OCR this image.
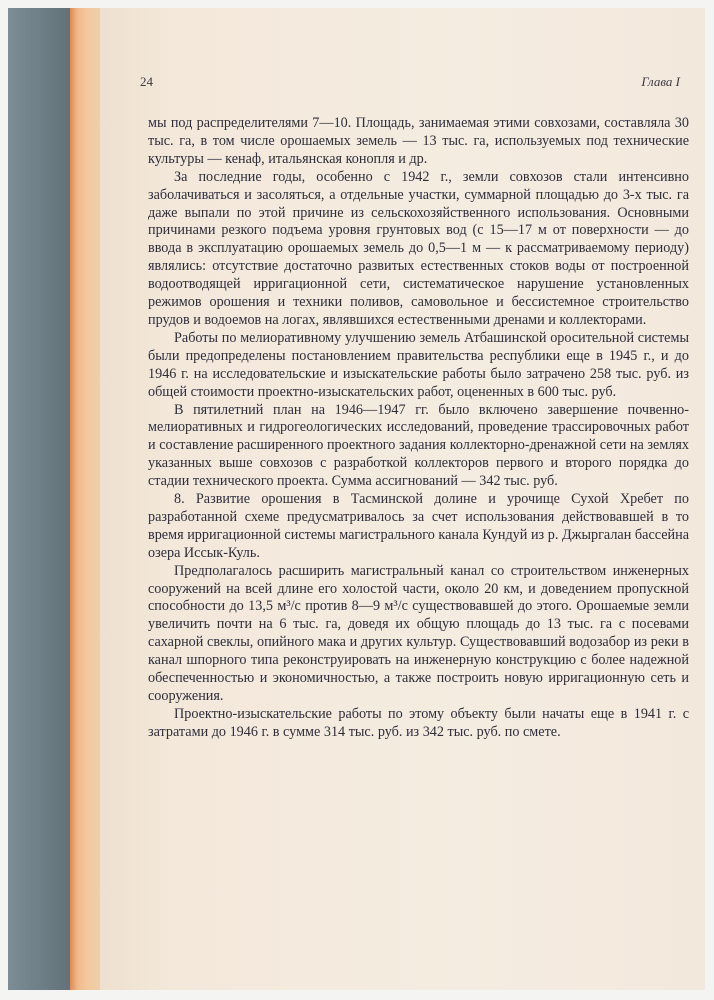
24	Глава I

мы под распределителями 7—10. Площадь, занимаемая этими совхозами, составляла 30 тыс. га, в том числе орошаемых земель — 13 тыс. га, используемых под технические культуры — кенаф, итальянская конопля и др.

За последние годы, особенно с 1942 г., земли совхозов стали интенсивно заболачиваться и засоляться, а отдельные участки, суммарной площадью до 3-х тыс. га даже выпали по этой причине из сельскохозяйственного использования. Основными причинами резкого подъема уровня грунтовых вод (с 15—17 м от поверхности — до ввода в эксплуатацию орошаемых земель до 0,5—1 м — к рассматриваемому периоду) являлись: отсутствие достаточно развитых естественных стоков воды от построенной водоотводящей ирригационной сети, систематическое нарушение установленных режимов орошения и техники поливов, самовольное и бессистемное строительство прудов и водоемов на логах, являвшихся естественными дренами и коллекторами.

Работы по мелиоративному улучшению земель Атбашинской оросительной системы были предопределены постановлением правительства республики еще в 1945 г., и до 1946 г. на исследовательские и изыскательские работы было затрачено 258 тыс. руб. из общей стоимости проектно-изыскательских работ, оцененных в 600 тыс. руб.

В пятилетний план на 1946—1947 гг. было включено завершение почвенно-мелиоративных и гидрогеологических исследований, проведение трассировочных работ и составление расширенного проектного задания коллекторно-дренажной сети на землях указанных выше совхозов с разработкой коллекторов первого и второго порядка до стадии технического проекта. Сумма ассигнований — 342 тыс. руб.

8. Развитие орошения в Тасминской долине и урочище Сухой Хребет по разработанной схеме предусматривалось за счет использования действовавшей в то время ирригационной системы магистрального канала Кундуй из р. Джыргалан бассейна озера Иссык-Куль.

Предполагалось расширить магистральный канал со строительством инженерных сооружений на всей длине его холостой части, около 20 км, и доведением пропускной способности до 13,5 м³/с против 8—9 м³/с существовавшей до этого. Орошаемые земли увеличить почти на 6 тыс. га, доведя их общую площадь до 13 тыс. га с посевами сахарной свеклы, опийного мака и других культур. Существовавший водозабор из реки в канал шпорного типа реконструировать на инженерную конструкцию с более надежной обеспеченностью и экономичностью, а также построить новую ирригационную сеть и сооружения.

Проектно-изыскательские работы по этому объекту были начаты еще в 1941 г. с затратами до 1946 г. в сумме 314 тыс. руб. из 342 тыс. руб. по смете.
